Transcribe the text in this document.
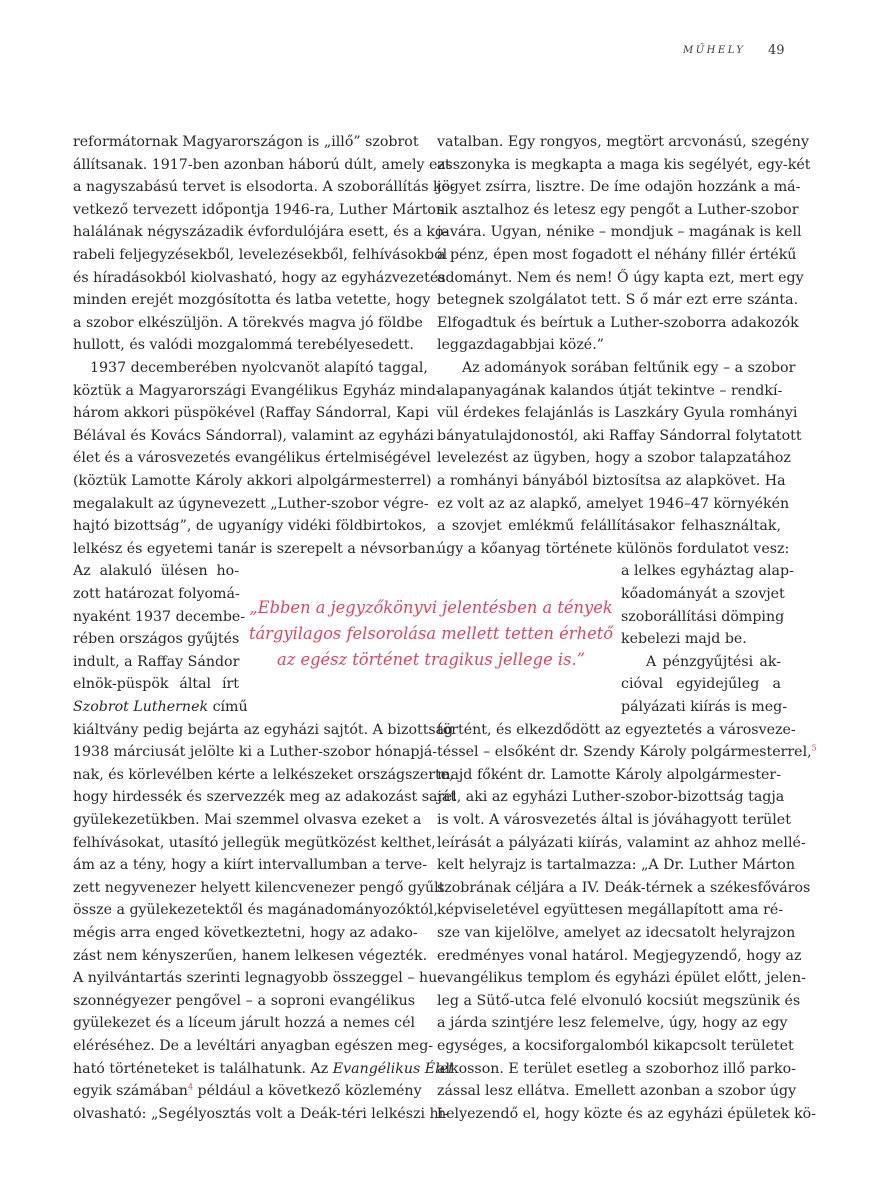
MŰHELY 49
reformátornak Magyarországon is „illő” szobrot
állítsanak. 1917-ben azonban háború dúlt, amely ezt
a nagyszabású tervet is elsodorta. A szoborállítás kö-
vetkező tervezett időpontja 1946-ra, Luther Márton
halálának négyszázadik évfordulójára esett, és a ko-
rabeli feljegyzésekből, levelezésekből, felhívásokból
és híradásokból kiolvasható, hogy az egyházvezetés
minden erejét mozgósította és latba vetette, hogy
a szobor elkészüljön. A törekvés magva jó földbe
hullott, és valódi mozgalommá terebélyesedett.
1937 decemberében nyolcvanöt alapító taggal,
köztük a Magyarországi Evangélikus Egyház mind-
három akkori püspökével (Raffay Sándorral, Kapi
Bélával és Kovács Sándorral), valamint az egyházi
élet és a városvezetés evangélikus értelmiségével
(köztük Lamotte Károly akkori alpolgármesterrel)
megalakult az úgynevezett „Luther-szobor végre-
hajtó bizottság”, de ugyanígy vidéki földbirtokos,
lelkész és egyetemi tanár is szerepelt a névsorban.
Az alakuló ülésen ho-
zott határozat folyomá-
nyaként 1937 decembe-
rében országos gyűjtés
indult, a Raffay Sándor
elnök-püspök által írt
Szobrot Luthernek című
kiáltvány pedig bejárta az egyházi sajtót. A bizottság
1938 márciusát jelölte ki a Luther-szobor hónapjá-
nak, és körlevélben kérte a lelkészeket országszerte,
hogy hirdessék és szervezzék meg az adakozást saját
gyülekezetükben. Mai szemmel olvasva ezeket a
felhívásokat, utasító jellegük megütközést kelthet,
ám az a tény, hogy a kiírt intervallumban a terve-
zett negyvenezer helyett kilencvenezer pengő gyűlt
össze a gyülekezetektől és magánadományozóktól,
mégis arra enged következtetni, hogy az adako-
zást nem kényszerűen, hanem lelkesen végezték.
A nyilvántartás szerinti legnagyobb összeggel – hu-
szonnégyezer pengővel – a soproni evangélikus
gyülekezet és a líceum járult hozzá a nemes cél
eléréséhez. De a levéltári anyagban egészen meg-
ható történeteket is találhatunk. Az Evangélikus Élet
egyik számában$^4$ például a következő közlemény
olvasható: „Segélyosztás volt a Deák-téri lelkészi hi-
„Ebben a jegyzőkönyvi jelentésben a tények
tárgyilagos felsorolása mellett tetten érhető
az egész történet tragikus jellege is.”
vatalban. Egy rongyos, megtört arcvonású, szegény
asszonyka is megkapta a maga kis segélyét, egy-két
jegyet zsírra, lisztre. De íme odajön hozzánk a má-
sik asztalhoz és letesz egy pengőt a Luther-szobor
javára. Ugyan, nénike – mondjuk – magának is kell
a pénz, épen most fogadott el néhány fillér értékű
adományt. Nem és nem! Ő úgy kapta ezt, mert egy
betegnek szolgálatot tett. S ő már ezt erre szánta.
Elfogadtuk és beírtuk a Luther-szoborra adakozók
leggazdagabbjai közé.”
Az adományok sorában feltűnik egy – a szobor
alapanyagának kalandos útját tekintve – rendkí-
vül érdekes felajánlás is Laszkáry Gyula romhányi
bányatulajdonostól, aki Raffay Sándorral folytatott
levelezést az ügyben, hogy a szobor talapzatához
a romhányi bányából biztosítsa az alapkövet. Ha
ez volt az az alapkő, amelyet 1946–47 környékén
a szovjet emlékmű felállításakor felhasználtak,
úgy a kőanyag története különös fordulatot vesz:
a lelkes egyháztag alap-
kőadományát a szovjet
szoborállítási dömping
kebelezi majd be.
A pénzgyűjtési ak-
cióval egyidejűleg a
pályázati kiírás is meg-
történt, és elkezdődött az egyeztetés a városveze-
téssel – elsőként dr. Szendy Károly polgármesterrel,$^5$
majd főként dr. Lamotte Károly alpolgármester-
rel, aki az egyházi Luther-szobor-bizottság tagja
is volt. A városvezetés által is jóváhagyott terület
leírását a pályázati kiírás, valamint az ahhoz mellé-
kelt helyrajz is tartalmazza: „A Dr. Luther Márton
szobrának céljára a IV. Deák-térnek a székesfőváros
képviseletével együttesen megállapított ama ré-
sze van kijelölve, amelyet az idecsatolt helyrajzon
eredményes vonal határol. Megjegyzendő, hogy az
evangélikus templom és egyházi épület előtt, jelen-
leg a Sütő-utca felé elvonuló kocsiút megszünik és
a járda szintjére lesz felemelve, úgy, hogy az egy
egységes, a kocsiforgalomból kikapcsolt területet
alkosson. E terület esetleg a szoborhoz illő parko-
zással lesz ellátva. Emellett azonban a szobor úgy
helyezendő el, hogy közte és az egyházi épületek kö-
